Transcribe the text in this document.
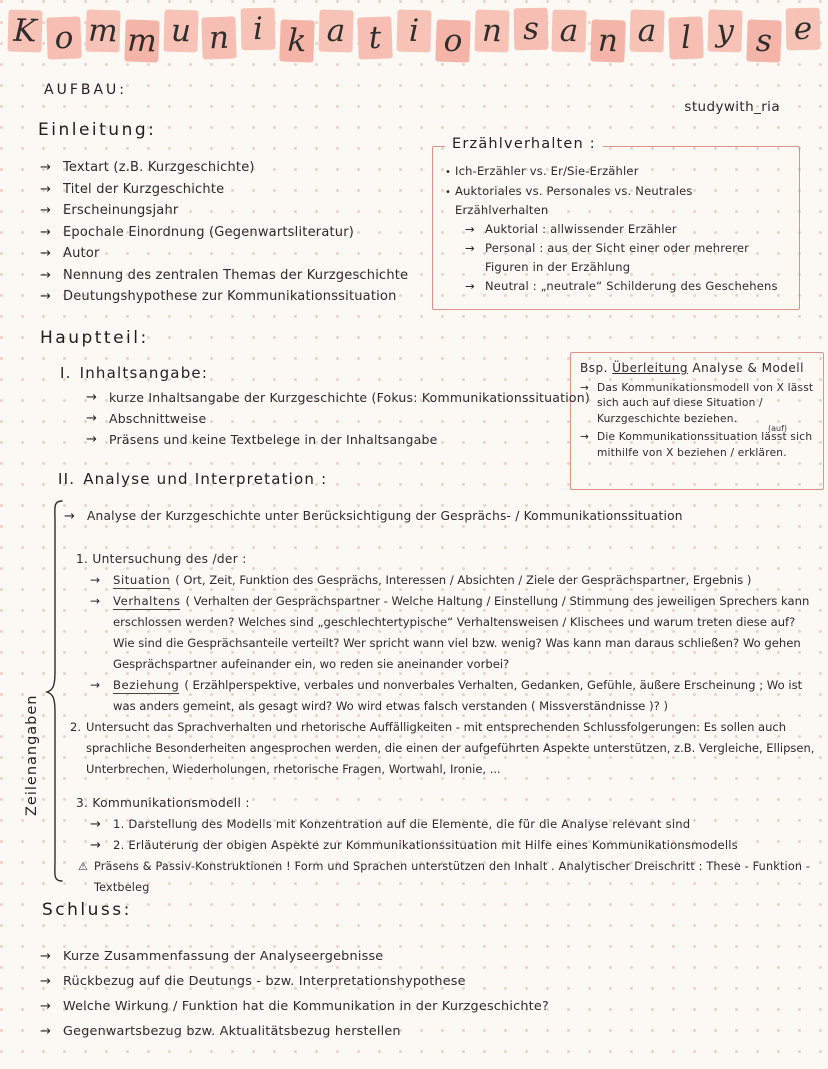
K o m m u n i k a t i o n s a n a l y s e
AUFBAU:
studywith_ria
Einleitung:
→ Textart (z.B. Kurzgeschichte)
→ Titel der Kurzgeschichte
→ Erscheinungsjahr
→ Epochale Einordnung (Gegenwartsliteratur)
→ Autor
→ Nennung des zentralen Themas der Kurzgeschichte
→ Deutungshypothese zur Kommunikationssituation
Erzählverhalten :
• Ich-Erzähler vs. Er/Sie-Erzähler
• Auktoriales vs. Personales vs. Neutrales Erzählverhalten
→ Auktorial : allwissender Erzähler
→ Personal : aus der Sicht einer oder mehrerer Figuren in der Erzählung
→ Neutral : „neutrale“ Schilderung des Geschehens
Hauptteil:
Bsp. Überleitung Analyse & Modell
→ Das Kommunikationsmodell von X lässt sich auch auf diese Situation / Kurzgeschichte beziehen.
(auf)
→ Die Kommunikationssituation lässt sich mithilfe von X beziehen / erklären.
I. Inhaltsangabe:
→ kurze Inhaltsangabe der Kurzgeschichte (Fokus: Kommunikationssituation)
→ Abschnittweise
→ Präsens und keine Textbelege in der Inhaltsangabe
II. Analyse und Interpretation :
Zeilenangaben
→ Analyse der Kurzgeschichte unter Berücksichtigung der Gesprächs- / Kommunikationssituation
1. Untersuchung des /der :
→	Situation ( Ort, Zeit, Funktion des Gesprächs, Interessen / Absichten / Ziele der Gesprächspartner, Ergebnis )
→	Verhaltens ( Verhalten der Gesprächspartner - Welche Haltung / Einstellung / Stimmung des jeweiligen Sprechers kann erschlossen werden? Welches sind „geschlechtertypische“ Verhaltensweisen / Klischees und warum treten diese auf? Wie sind die Gesprächsanteile verteilt? Wer spricht wann viel bzw. wenig? Was kann man daraus schließen? Wo gehen Gesprächspartner aufeinander ein, wo reden sie aneinander vorbei?
→	Beziehung ( Erzählperspektive, verbales und nonverbales Verhalten, Gedanken, Gefühle, äußere Erscheinung ; Wo ist was anders gemeint, als gesagt wird? Wo wird etwas falsch verstanden ( Missverständnisse )? )
2. Untersucht das Sprachverhalten und rhetorische Auffälligkeiten - mit entsprechenden Schlussfolgerungen: Es sollen auch sprachliche Besonderheiten angesprochen werden, die einen der aufgeführten Aspekte unterstützen, z.B. Vergleiche, Ellipsen, Unterbrechen, Wiederholungen, rhetorische Fragen, Wortwahl, Ironie, ...

3. Kommunikationsmodell :
→ 1. Darstellung des Modells mit Konzentration auf die Elemente, die für die Analyse relevant sind
→ 2. Erläuterung der obigen Aspekte zur Kommunikationssituation mit Hilfe eines Kommunikationsmodells
⚠ Präsens & Passiv-Konstruktionen ! Form und Sprachen unterstützen den Inhalt . Analytischer Dreischritt : These - Funktion - Textbeleg
Schluss:
→ Kurze Zusammenfassung der Analyseergebnisse
→ Rückbezug auf die Deutungs - bzw. Interpretationshypothese
→ Welche Wirkung / Funktion hat die Kommunikation in der Kurzgeschichte?
→ Gegenwartsbezug bzw. Aktualitätsbezug herstellen
